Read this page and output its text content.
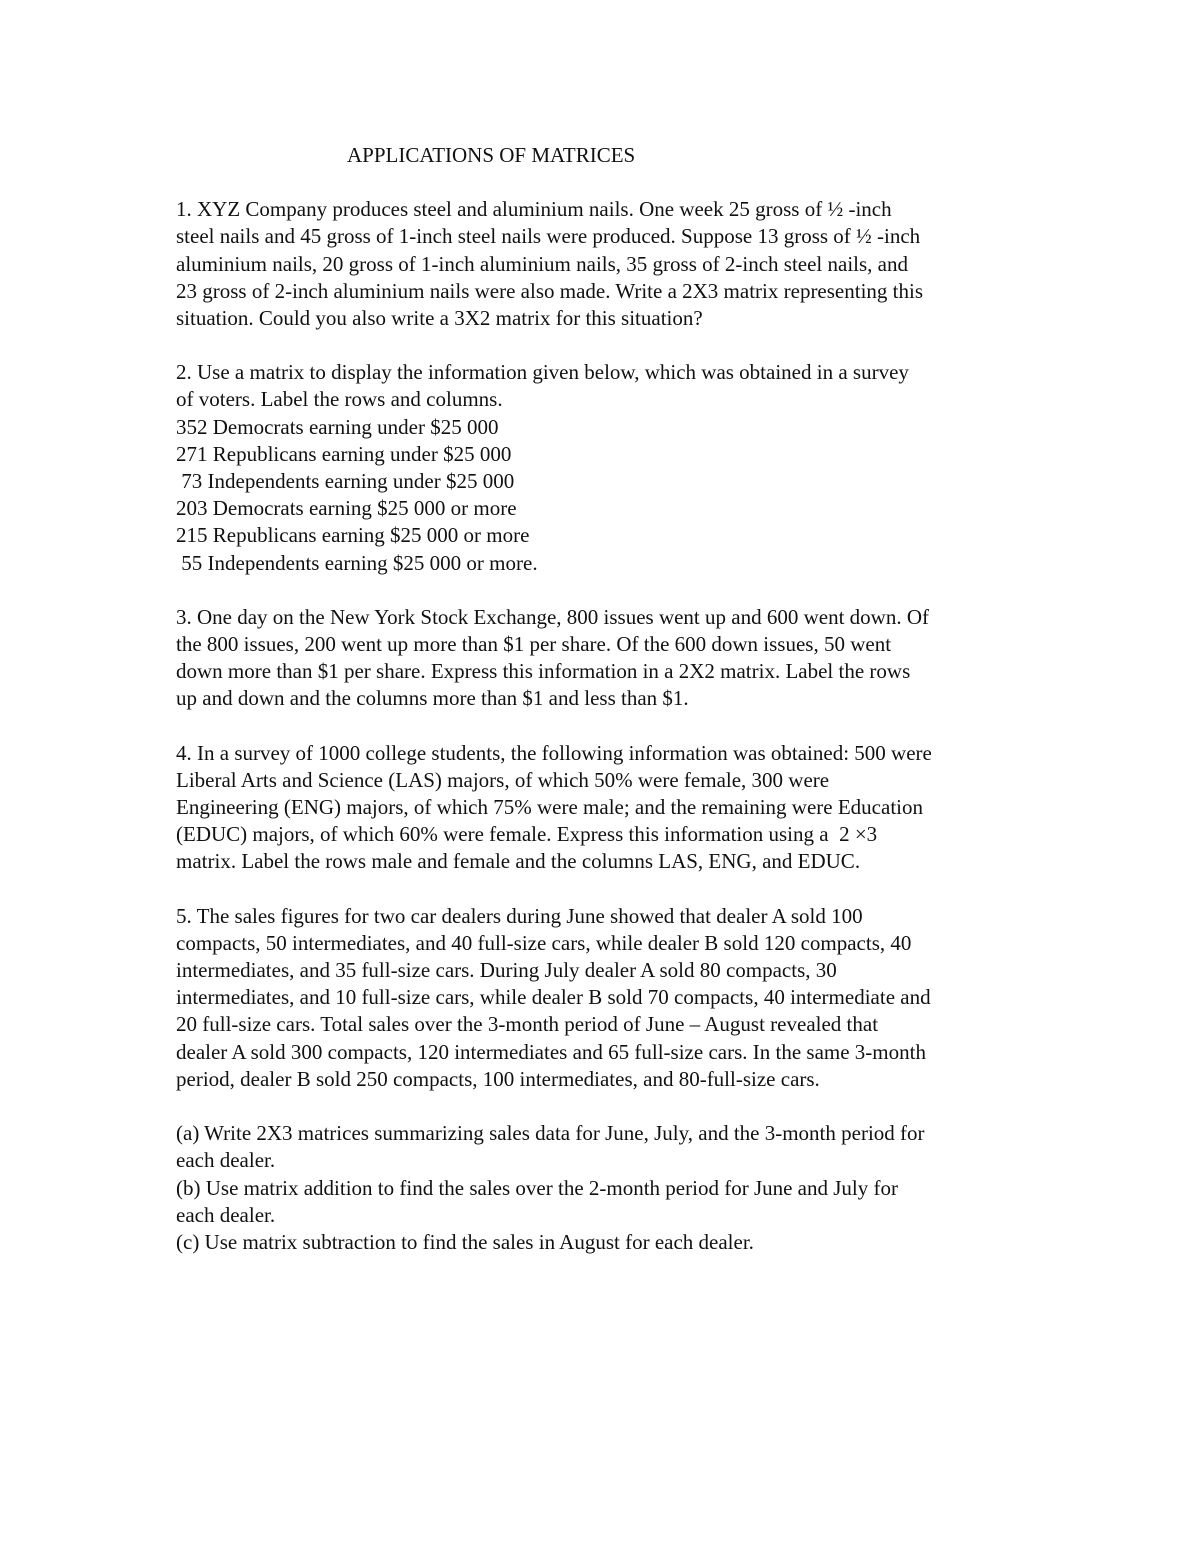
APPLICATIONS OF MATRICES
1. XYZ Company produces steel and aluminium nails. One week 25 gross of ½ -inch
steel nails and 45 gross of 1-inch steel nails were produced. Suppose 13 gross of ½ -inch
aluminium nails, 20 gross of 1-inch aluminium nails, 35 gross of 2-inch steel nails, and
23 gross of 2-inch aluminium nails were also made. Write a 2X3 matrix representing this
situation. Could you also write a 3X2 matrix for this situation?
2. Use a matrix to display the information given below, which was obtained in a survey
of voters. Label the rows and columns.
352 Democrats earning under $25 000
271 Republicans earning under $25 000
73 Independents earning under $25 000
203 Democrats earning $25 000 or more
215 Republicans earning $25 000 or more
55 Independents earning $25 000 or more.
3. One day on the New York Stock Exchange, 800 issues went up and 600 went down. Of
the 800 issues, 200 went up more than $1 per share. Of the 600 down issues, 50 went
down more than $1 per share. Express this information in a 2X2 matrix. Label the rows
up and down and the columns more than $1 and less than $1.
4. In a survey of 1000 college students, the following information was obtained: 500 were
Liberal Arts and Science (LAS) majors, of which 50% were female, 300 were
Engineering (ENG) majors, of which 75% were male; and the remaining were Education
(EDUC) majors, of which 60% were female. Express this information using a  2 ×3
matrix. Label the rows male and female and the columns LAS, ENG, and EDUC.
5. The sales figures for two car dealers during June showed that dealer A sold 100
compacts, 50 intermediates, and 40 full-size cars, while dealer B sold 120 compacts, 40
intermediates, and 35 full-size cars. During July dealer A sold 80 compacts, 30
intermediates, and 10 full-size cars, while dealer B sold 70 compacts, 40 intermediate and
20 full-size cars. Total sales over the 3-month period of June – August revealed that
dealer A sold 300 compacts, 120 intermediates and 65 full-size cars. In the same 3-month
period, dealer B sold 250 compacts, 100 intermediates, and 80-full-size cars.
(a) Write 2X3 matrices summarizing sales data for June, July, and the 3-month period for
each dealer.
(b) Use matrix addition to find the sales over the 2-month period for June and July for
each dealer.
(c) Use matrix subtraction to find the sales in August for each dealer.
